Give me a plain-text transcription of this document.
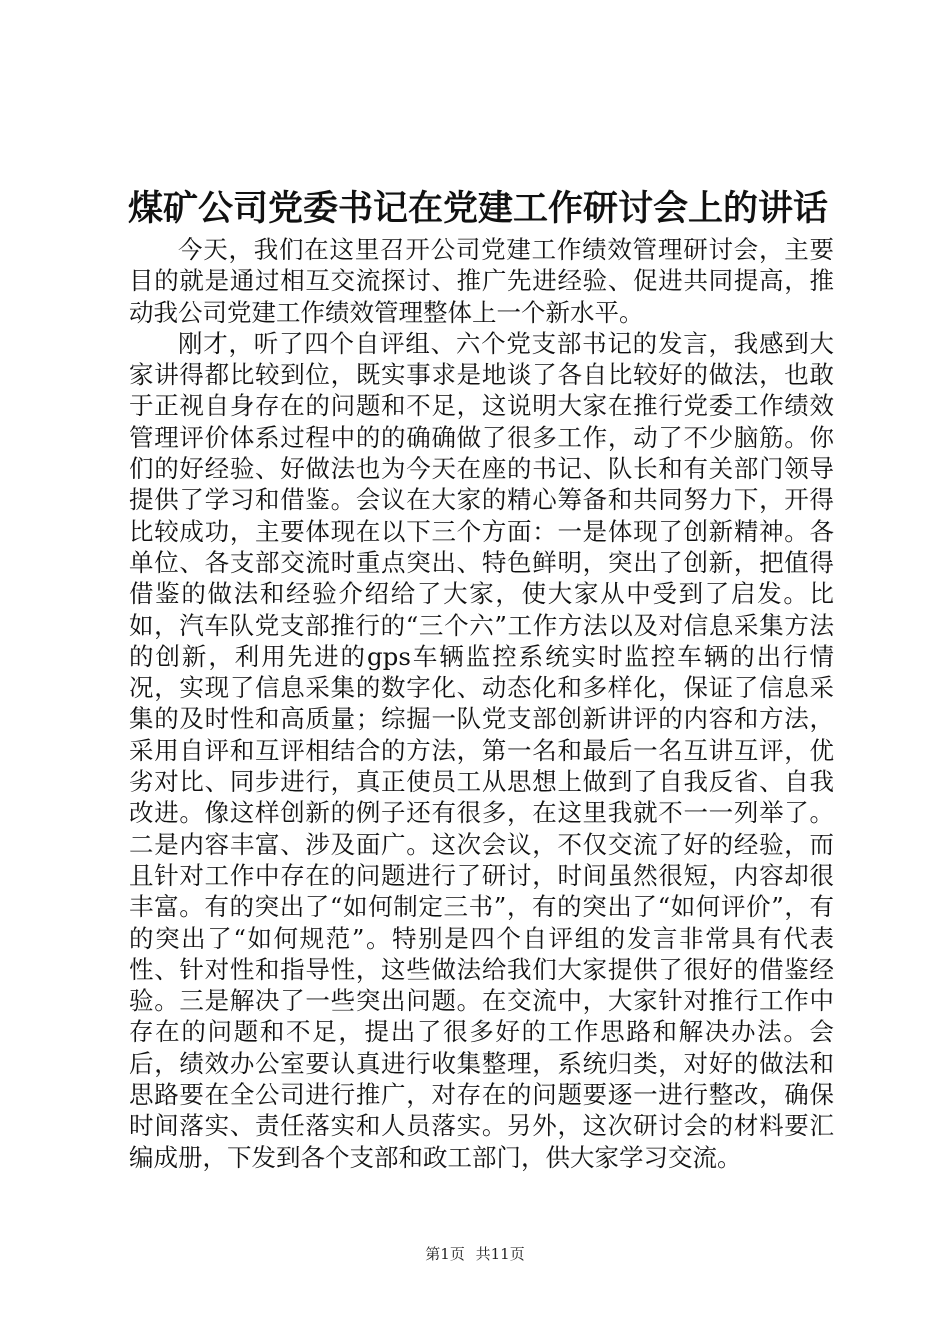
煤矿公司党委书记在党建工作研讨会上的讲话

今天，我们在这里召开公司党建工作绩效管理研讨会，主要目的就是通过相互交流探讨、推广先进经验、促进共同提高，推动我公司党建工作绩效管理整体上一个新水平。

刚才，听了四个自评组、六个党支部书记的发言，我感到大家讲得都比较到位，既实事求是地谈了各自比较好的做法，也敢于正视自身存在的问题和不足，这说明大家在推行党委工作绩效管理评价体系过程中的的确确做了很多工作，动了不少脑筋。你们的好经验、好做法也为今天在座的书记、队长和有关部门领导提供了学习和借鉴。会议在大家的精心筹备和共同努力下，开得比较成功，主要体现在以下三个方面：一是体现了创新精神。各单位、各支部交流时重点突出、特色鲜明，突出了创新，把值得借鉴的做法和经验介绍给了大家，使大家从中受到了启发。比如，汽车队党支部推行的“三个六”工作方法以及对信息采集方法的创新，利用先进的gps车辆监控系统实时监控车辆的出行情况，实现了信息采集的数字化、动态化和多样化，保证了信息采集的及时性和高质量；综掘一队党支部创新讲评的内容和方法，采用自评和互评相结合的方法，第一名和最后一名互讲互评，优劣对比、同步进行，真正使员工从思想上做到了自我反省、自我改进。像这样创新的例子还有很多，在这里我就不一一列举了。二是内容丰富、涉及面广。这次会议，不仅交流了好的经验，而且针对工作中存在的问题进行了研讨，时间虽然很短，内容却很丰富。有的突出了“如何制定三书”，有的突出了“如何评价”，有的突出了“如何规范”。特别是四个自评组的发言非常具有代表性、针对性和指导性，这些做法给我们大家提供了很好的借鉴经验。三是解决了一些突出问题。在交流中，大家针对推行工作中存在的问题和不足，提出了很多好的工作思路和解决办法。会后，绩效办公室要认真进行收集整理，系统归类，对好的做法和思路要在全公司进行推广，对存在的问题要逐一进行整改，确保时间落实、责任落实和人员落实。另外，这次研讨会的材料要汇编成册，下发到各个支部和政工部门，供大家学习交流。

第1页 共11页
